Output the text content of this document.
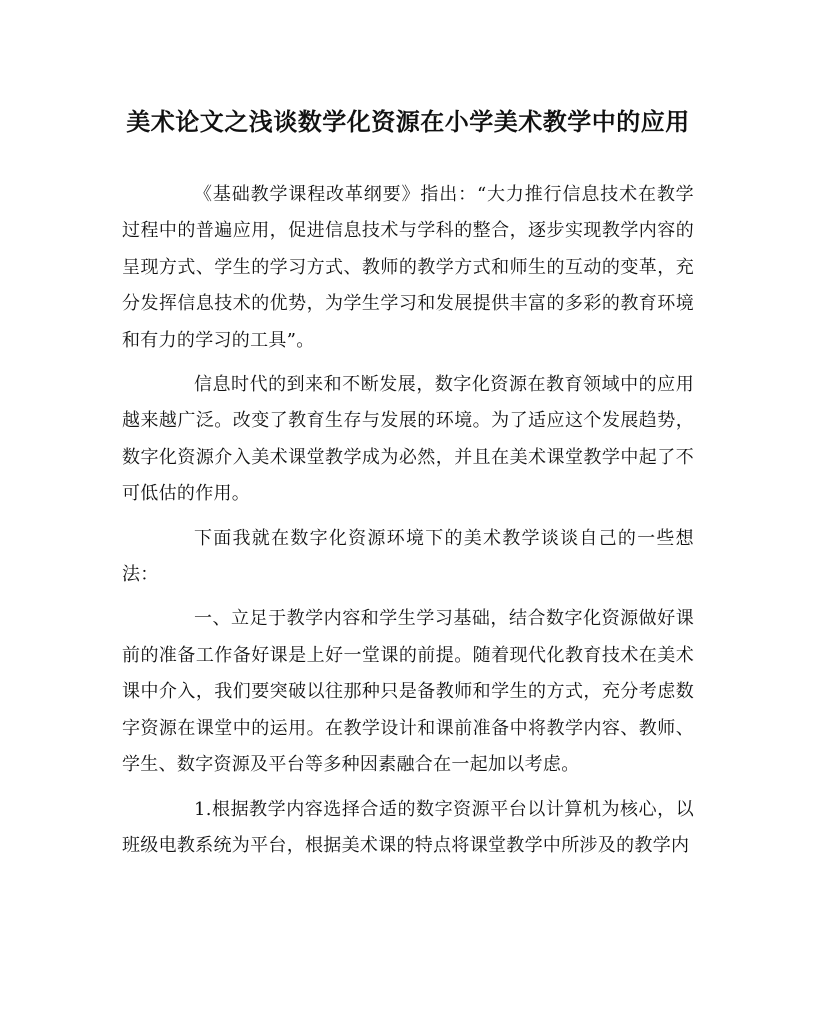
美术论文之浅谈数学化资源在小学美术教学中的应用

《基础教学课程改革纲要》指出：“大力推行信息技术在教学过程中的普遍应用，促进信息技术与学科的整合，逐步实现教学内容的呈现方式、学生的学习方式、教师的教学方式和师生的互动的变革，充分发挥信息技术的优势，为学生学习和发展提供丰富的多彩的教育环境和有力的学习的工具”。

信息时代的到来和不断发展，数字化资源在教育领域中的应用越来越广泛。改变了教育生存与发展的环境。为了适应这个发展趋势，数字化资源介入美术课堂教学成为必然，并且在美术课堂教学中起了不可低估的作用。

下面我就在数字化资源环境下的美术教学谈谈自己的一些想法：

一、立足于教学内容和学生学习基础，结合数字化资源做好课前的准备工作备好课是上好一堂课的前提。随着现代化教育技术在美术课中介入，我们要突破以往那种只是备教师和学生的方式，充分考虑数字资源在课堂中的运用。在教学设计和课前准备中将教学内容、教师、学生、数字资源及平台等多种因素融合在一起加以考虑。

1.根据教学内容选择合适的数字资源平台以计算机为核心，以班级电教系统为平台，根据美术课的特点将课堂教学中所涉及的教学内
